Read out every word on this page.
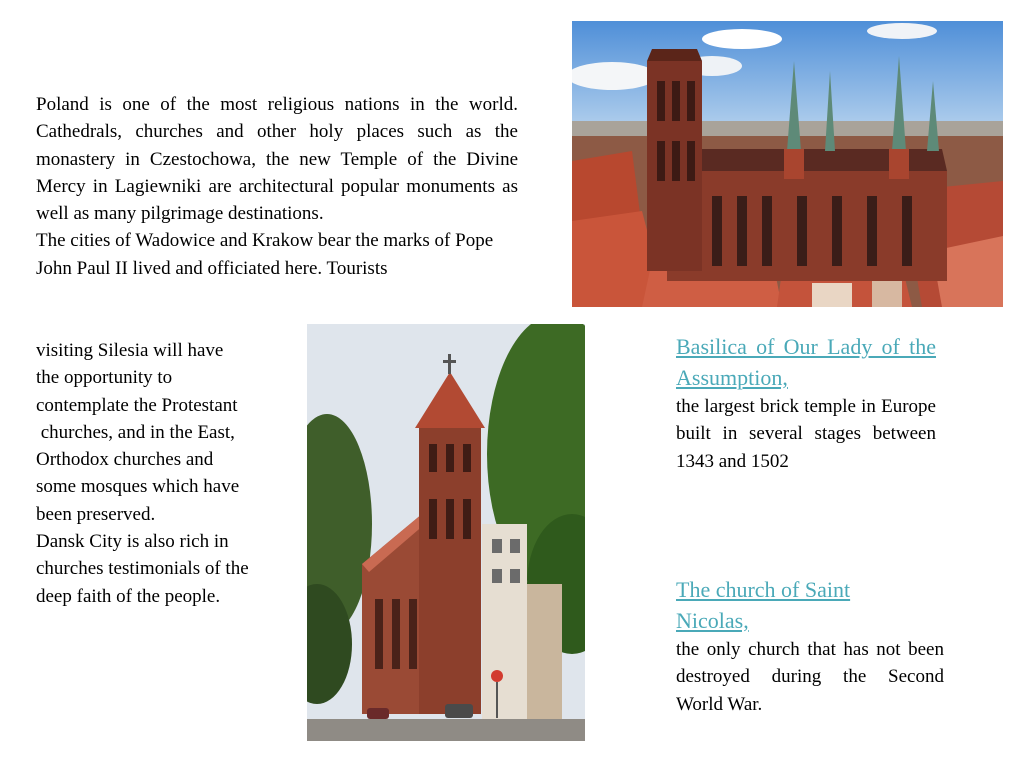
Poland is one of the most religious nations in the world. Cathedrals, churches and other holy places such as the monastery in Czestochowa, the new Temple of the Divine Mercy in Lagiewniki are architectural popular monuments as well as many pilgrimage destinations.

The cities of Wadowice and Krakow bear the marks of Pope John Paul II lived and officiated here. Tourists

visiting Silesia will have

the opportunity to

contemplate the Protestant

churches, and in the East,

Orthodox churches and

some mosques which have

been preserved.

Dansk City is also rich in

churches testimonials of the

deep faith of the people.

Basilica of Our Lady of the Assumption,
the largest brick temple in Europe built in several stages between 1343 and 1502
The church of Saint Nicolas,
the only church that has not been destroyed during the Second World War.
